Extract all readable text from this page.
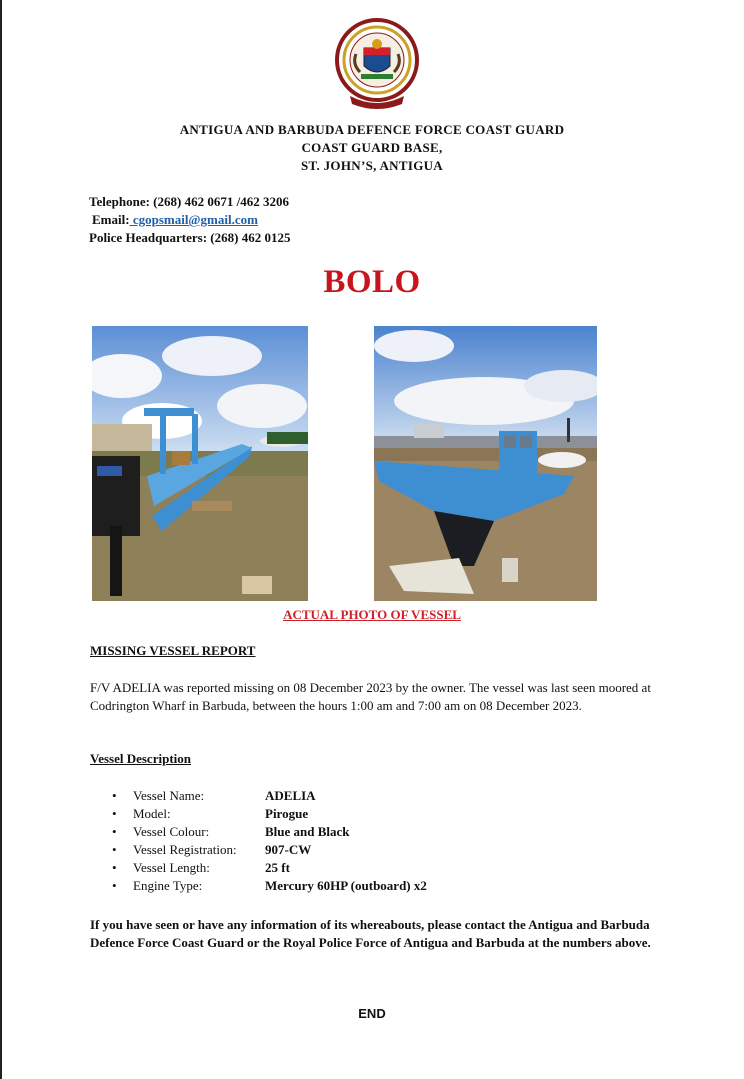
ANTIGUA AND BARBUDA DEFENCE FORCE COAST GUARD
COAST GUARD BASE,
ST. JOHN’S, ANTIGUA
Telephone: (268) 462 0671 /462 3206
Email: cgopsmail@gmail.com
Police Headquarters: (268) 462 0125
BOLO
ACTUAL PHOTO OF VESSEL
MISSING VESSEL REPORT
F/V ADELIA was reported missing on 08 December 2023 by the owner. The vessel was last seen moored at Codrington Wharf in Barbuda, between the hours 1:00 am and 7:00 am on 08 December 2023.
Vessel Description
• Vessel Name:	ADELIA
• Model:	Pirogue
• Vessel Colour:	Blue and Black
• Vessel Registration: 907-CW
• Vessel Length:	25 ft
• Engine Type:	Mercury 60HP (outboard) x2
If you have seen or have any information of its whereabouts, please contact the Antigua and Barbuda Defence Force Coast Guard or the Royal Police Force of Antigua and Barbuda at the numbers above.
END
